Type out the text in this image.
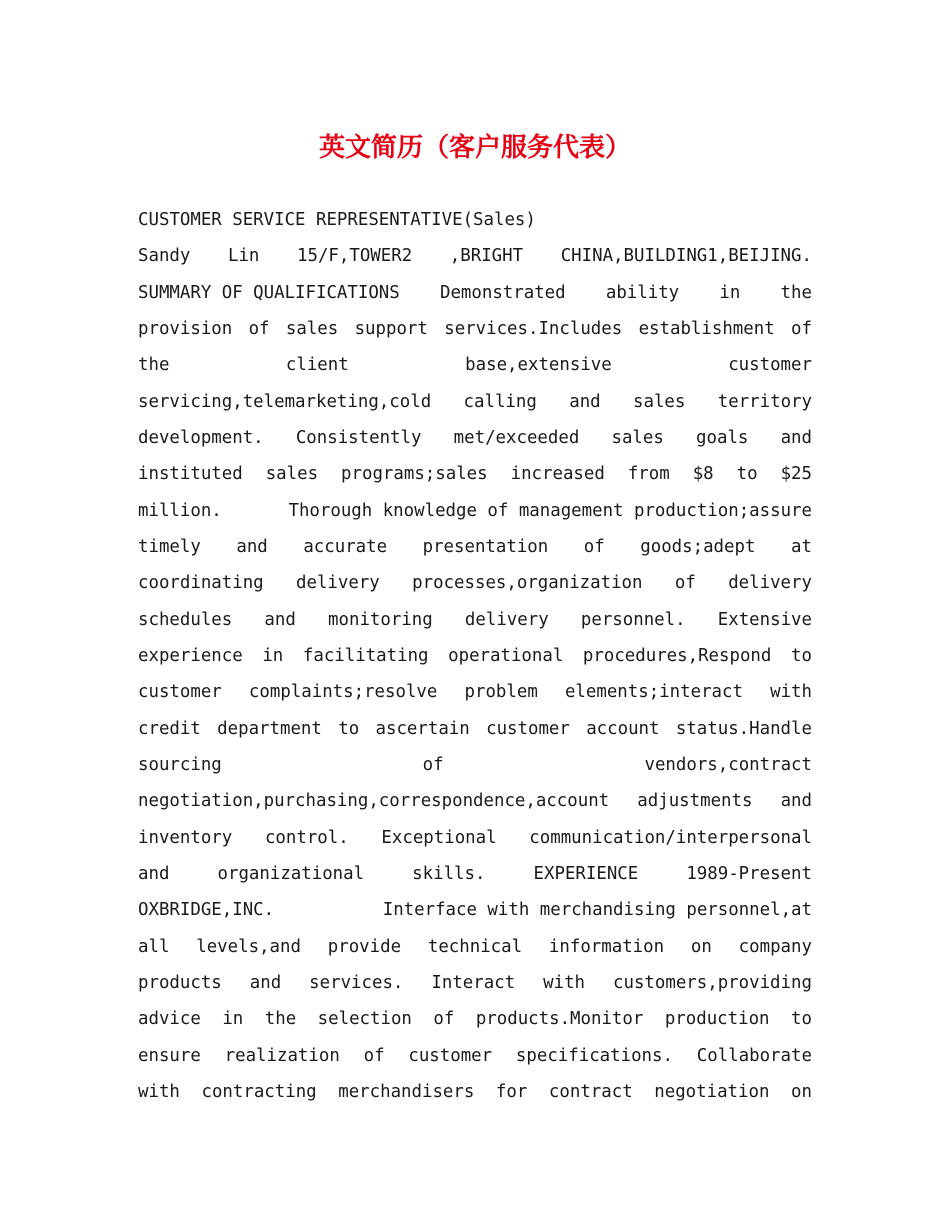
英文简历（客户服务代表）
CUSTOMER SERVICE REPRESENTATIVE(Sales)
Sandy Lin 15/F,TOWER2 ,BRIGHT CHINA,BUILDING1,BEIJING.
SUMMARY OF QUALIFICATIONS Demonstrated ability in the
provision of sales support services.Includes establishment of
the	client	base,extensive	customer
servicing,telemarketing,cold calling and sales territory
development. Consistently met/exceeded sales goals and
instituted sales programs;sales increased from $8 to $25
million.	Thorough knowledge of management production;assure
timely and accurate presentation of goods;adept at
coordinating delivery processes,organization of delivery
schedules and monitoring delivery personnel. Extensive
experience in facilitating operational procedures,Respond to
customer complaints;resolve problem elements;interact with
credit department to ascertain customer account status.Handle
sourcing	of	vendors,contract
negotiation,purchasing,correspondence,account adjustments and
inventory control. Exceptional communication/interpersonal
and	organizational	skills.	EXPERIENCE	1989-Present
OXBRIDGE,INC.	Interface with merchandising personnel,at
all levels,and provide technical information on company
products and services. Interact with customers,providing
advice in the selection of products.Monitor production to
ensure realization of customer specifications. Collaborate
with contracting merchandisers for contract negotiation on
